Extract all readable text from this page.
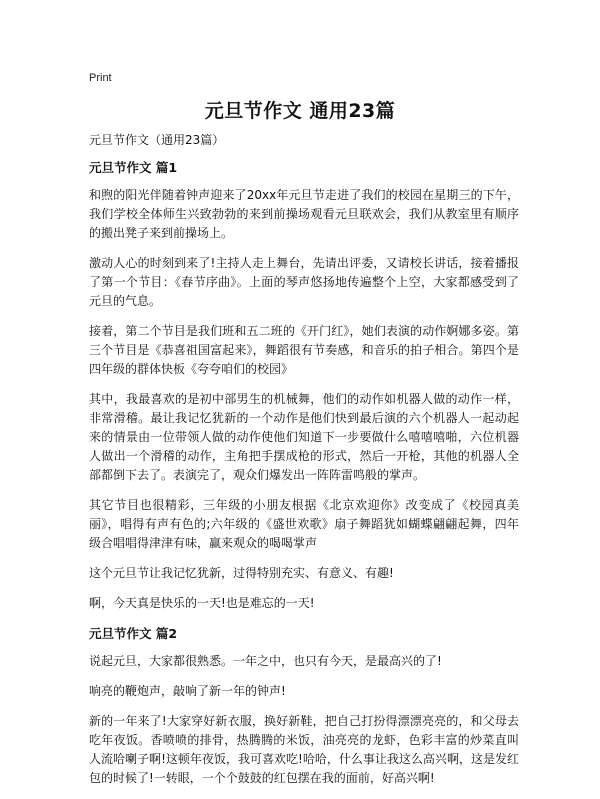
Print
元旦节作文 通用23篇
元旦节作文（通用23篇）
元旦节作文 篇1

和煦的阳光伴随着钟声迎来了20xx年元旦节走进了我们的校园在星期三的下午，我们学校全体师生兴致勃勃的来到前操场观看元旦联欢会，我们从教室里有顺序的搬出凳子来到前操场上。

激动人心的时刻到来了!主持人走上舞台，先请出评委，又请校长讲话，接着播报了第一个节目：《春节序曲》。上面的琴声悠扬地传遍整个上空，大家都感受到了元旦的气息。

接着，第二个节目是我们班和五二班的《开门红》，她们表演的动作婀娜多姿。第三个节目是《恭喜祖国富起来》，舞蹈很有节奏感，和音乐的拍子相合。第四个是四年级的群体快板《夸夸咱们的校园》

其中，我最喜欢的是初中部男生的机械舞，他们的动作如机器人做的动作一样，非常滑稽。最让我记忆犹新的一个动作是他们快到最后演的六个机器人一起动起来的情景由一位带领人做的动作使他们知道下一步要做什么嘻嘻嘻啪，六位机器人做出一个滑稽的动作，主角把手摆成枪的形式，然后一开枪，其他的机器人全部都倒下去了。表演完了，观众们爆发出一阵阵雷鸣般的掌声。

其它节目也很精彩，三年级的小朋友根据《北京欢迎你》改变成了《校园真美丽》，唱得有声有色的;六年级的《盛世欢歌》扇子舞蹈犹如蝴蝶翩翩起舞，四年级合唱唱得津津有味，赢来观众的喝喝掌声

这个元旦节让我记忆犹新，过得特别充实、有意义、有趣!

啊，今天真是快乐的一天!也是难忘的一天!

元旦节作文 篇2

说起元旦，大家都很熟悉。一年之中，也只有今天，是最高兴的了!

响亮的鞭炮声，敲响了新一年的钟声!

新的一年来了!大家穿好新衣服，换好新鞋，把自己打扮得漂漂亮亮的，和父母去吃年夜饭。香喷喷的排骨，热腾腾的米饭，油亮亮的龙虾，色彩丰富的炒菜直叫人流哈喇子啊!这顿年夜饭，我可喜欢吃!哈哈，什么事让我这么高兴啊，这是发红包的时候了!一转眼，一个个鼓鼓的红包摆在我的面前，好高兴啊!
